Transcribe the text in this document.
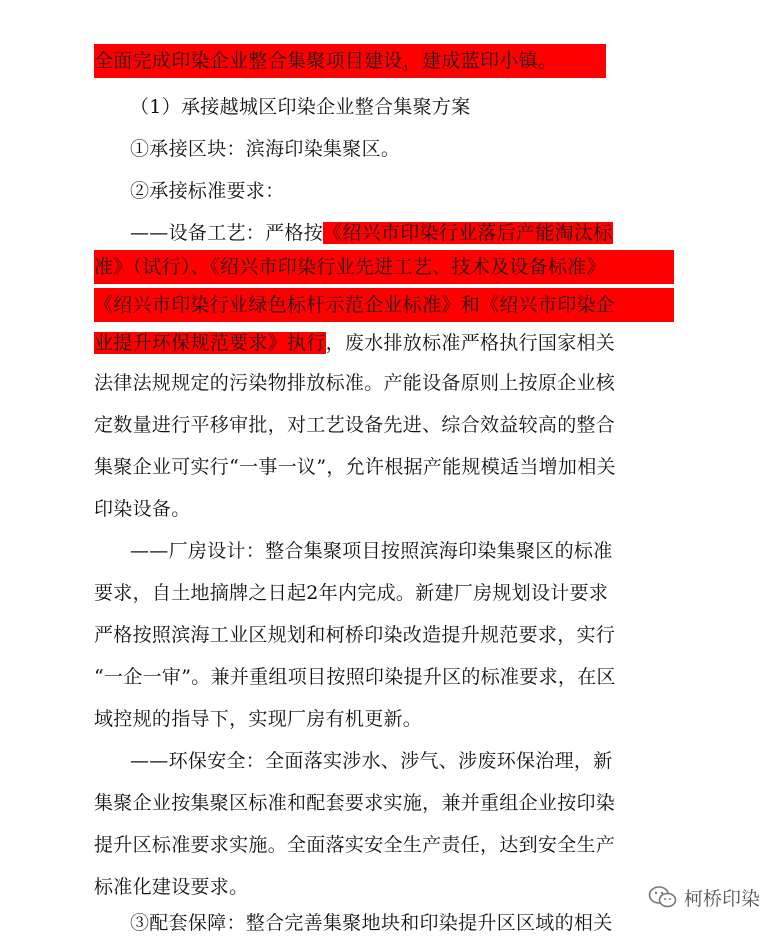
全面完成印染企业整合集聚项目建设，建成蓝印小镇。
（1）承接越城区印染企业整合集聚方案
①承接区块：滨海印染集聚区。
②承接标准要求：
——设备工艺：严格按《绍兴市印染行业落后产能淘汰标
准》（试行）、《绍兴市印染行业先进工艺、技术及设备标准》
《绍兴市印染行业绿色标杆示范企业标准》和《绍兴市印染企
业提升环保规范要求》执行，废水排放标准严格执行国家相关
法律法规规定的污染物排放标准。产能设备原则上按原企业核
定数量进行平移审批，对工艺设备先进、综合效益较高的整合
集聚企业可实行“一事一议”，允许根据产能规模适当增加相关
印染设备。
——厂房设计：整合集聚项目按照滨海印染集聚区的标准
要求，自土地摘牌之日起2年内完成。新建厂房规划设计要求
严格按照滨海工业区规划和柯桥印染改造提升规范要求，实行
“一企一审”。兼并重组项目按照印染提升区的标准要求，在区
域控规的指导下，实现厂房有机更新。
——环保安全：全面落实涉水、涉气、涉废环保治理，新
集聚企业按集聚区标准和配套要求实施，兼并重组企业按印染
提升区标准要求实施。全面落实安全生产责任，达到安全生产
标准化建设要求。
③配套保障：整合完善集聚地块和印染提升区区域的相关
柯桥印染
